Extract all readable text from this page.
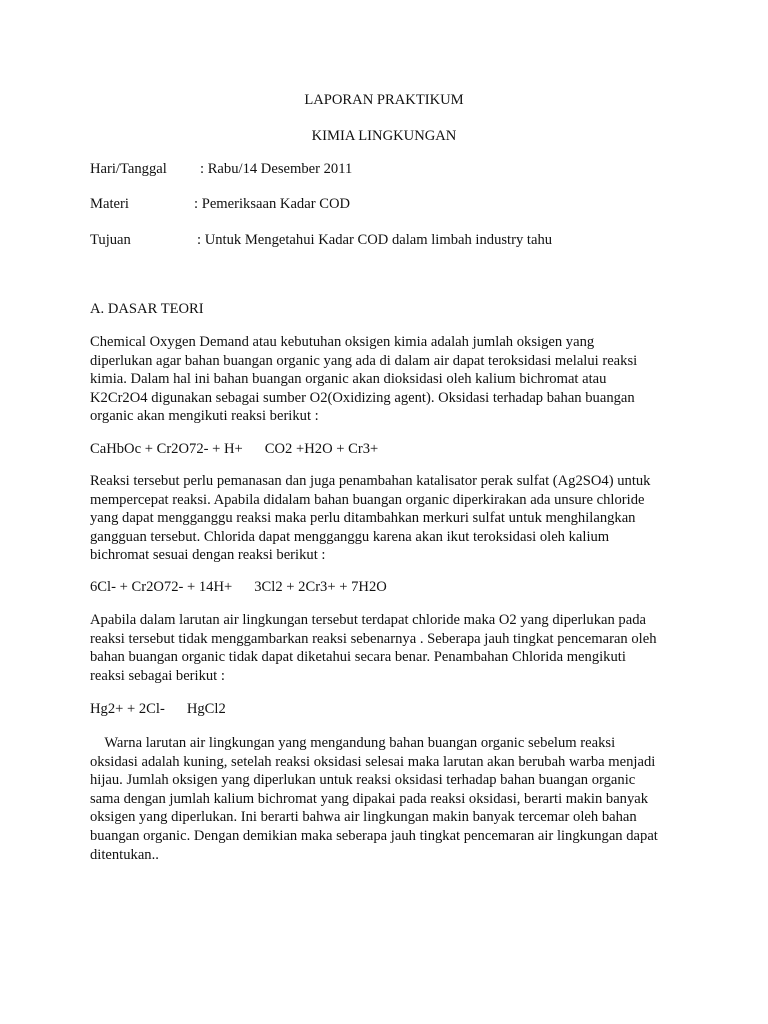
LAPORAN PRAKTIKUM
KIMIA LINGKUNGAN
Hari/Tanggal : Rabu/14 Desember 2011
Materi	: Pemeriksaan Kadar COD
Tujuan	: Untuk Mengetahui Kadar COD dalam limbah industry tahu
A. DASAR TEORI
Chemical Oxygen Demand atau kebutuhan oksigen kimia adalah jumlah oksigen yang
diperlukan agar bahan buangan organic yang ada di dalam air dapat teroksidasi melalui reaksi
kimia. Dalam hal ini bahan buangan organic akan dioksidasi oleh kalium bichromat atau
K2Cr2O4 digunakan sebagai sumber O2(Oxidizing agent). Oksidasi terhadap bahan buangan
organic akan mengikuti reaksi berikut :
CaHbOc + Cr2O72- + H+ CO2 +H2O + Cr3+
Reaksi tersebut perlu pemanasan dan juga penambahan katalisator perak sulfat (Ag2SO4) untuk
mempercepat reaksi. Apabila didalam bahan buangan organic diperkirakan ada unsure chloride
yang dapat mengganggu reaksi maka perlu ditambahkan merkuri sulfat untuk menghilangkan
gangguan tersebut. Chlorida dapat mengganggu karena akan ikut teroksidasi oleh kalium
bichromat sesuai dengan reaksi berikut :
6Cl- + Cr2O72- + 14H+ 3Cl2 + 2Cr3+ + 7H2O
Apabila dalam larutan air lingkungan tersebut terdapat chloride maka O2 yang diperlukan pada
reaksi tersebut tidak menggambarkan reaksi sebenarnya . Seberapa jauh tingkat pencemaran oleh
bahan buangan organic tidak dapat diketahui secara benar. Penambahan Chlorida mengikuti
reaksi sebagai berikut :
Hg2+ + 2Cl- HgCl2
Warna larutan air lingkungan yang mengandung bahan buangan organic sebelum reaksi
oksidasi adalah kuning, setelah reaksi oksidasi selesai maka larutan akan berubah warba menjadi
hijau. Jumlah oksigen yang diperlukan untuk reaksi oksidasi terhadap bahan buangan organic
sama dengan jumlah kalium bichromat yang dipakai pada reaksi oksidasi, berarti makin banyak
oksigen yang diperlukan. Ini berarti bahwa air lingkungan makin banyak tercemar oleh bahan
buangan organic. Dengan demikian maka seberapa jauh tingkat pencemaran air lingkungan dapat
ditentukan..
